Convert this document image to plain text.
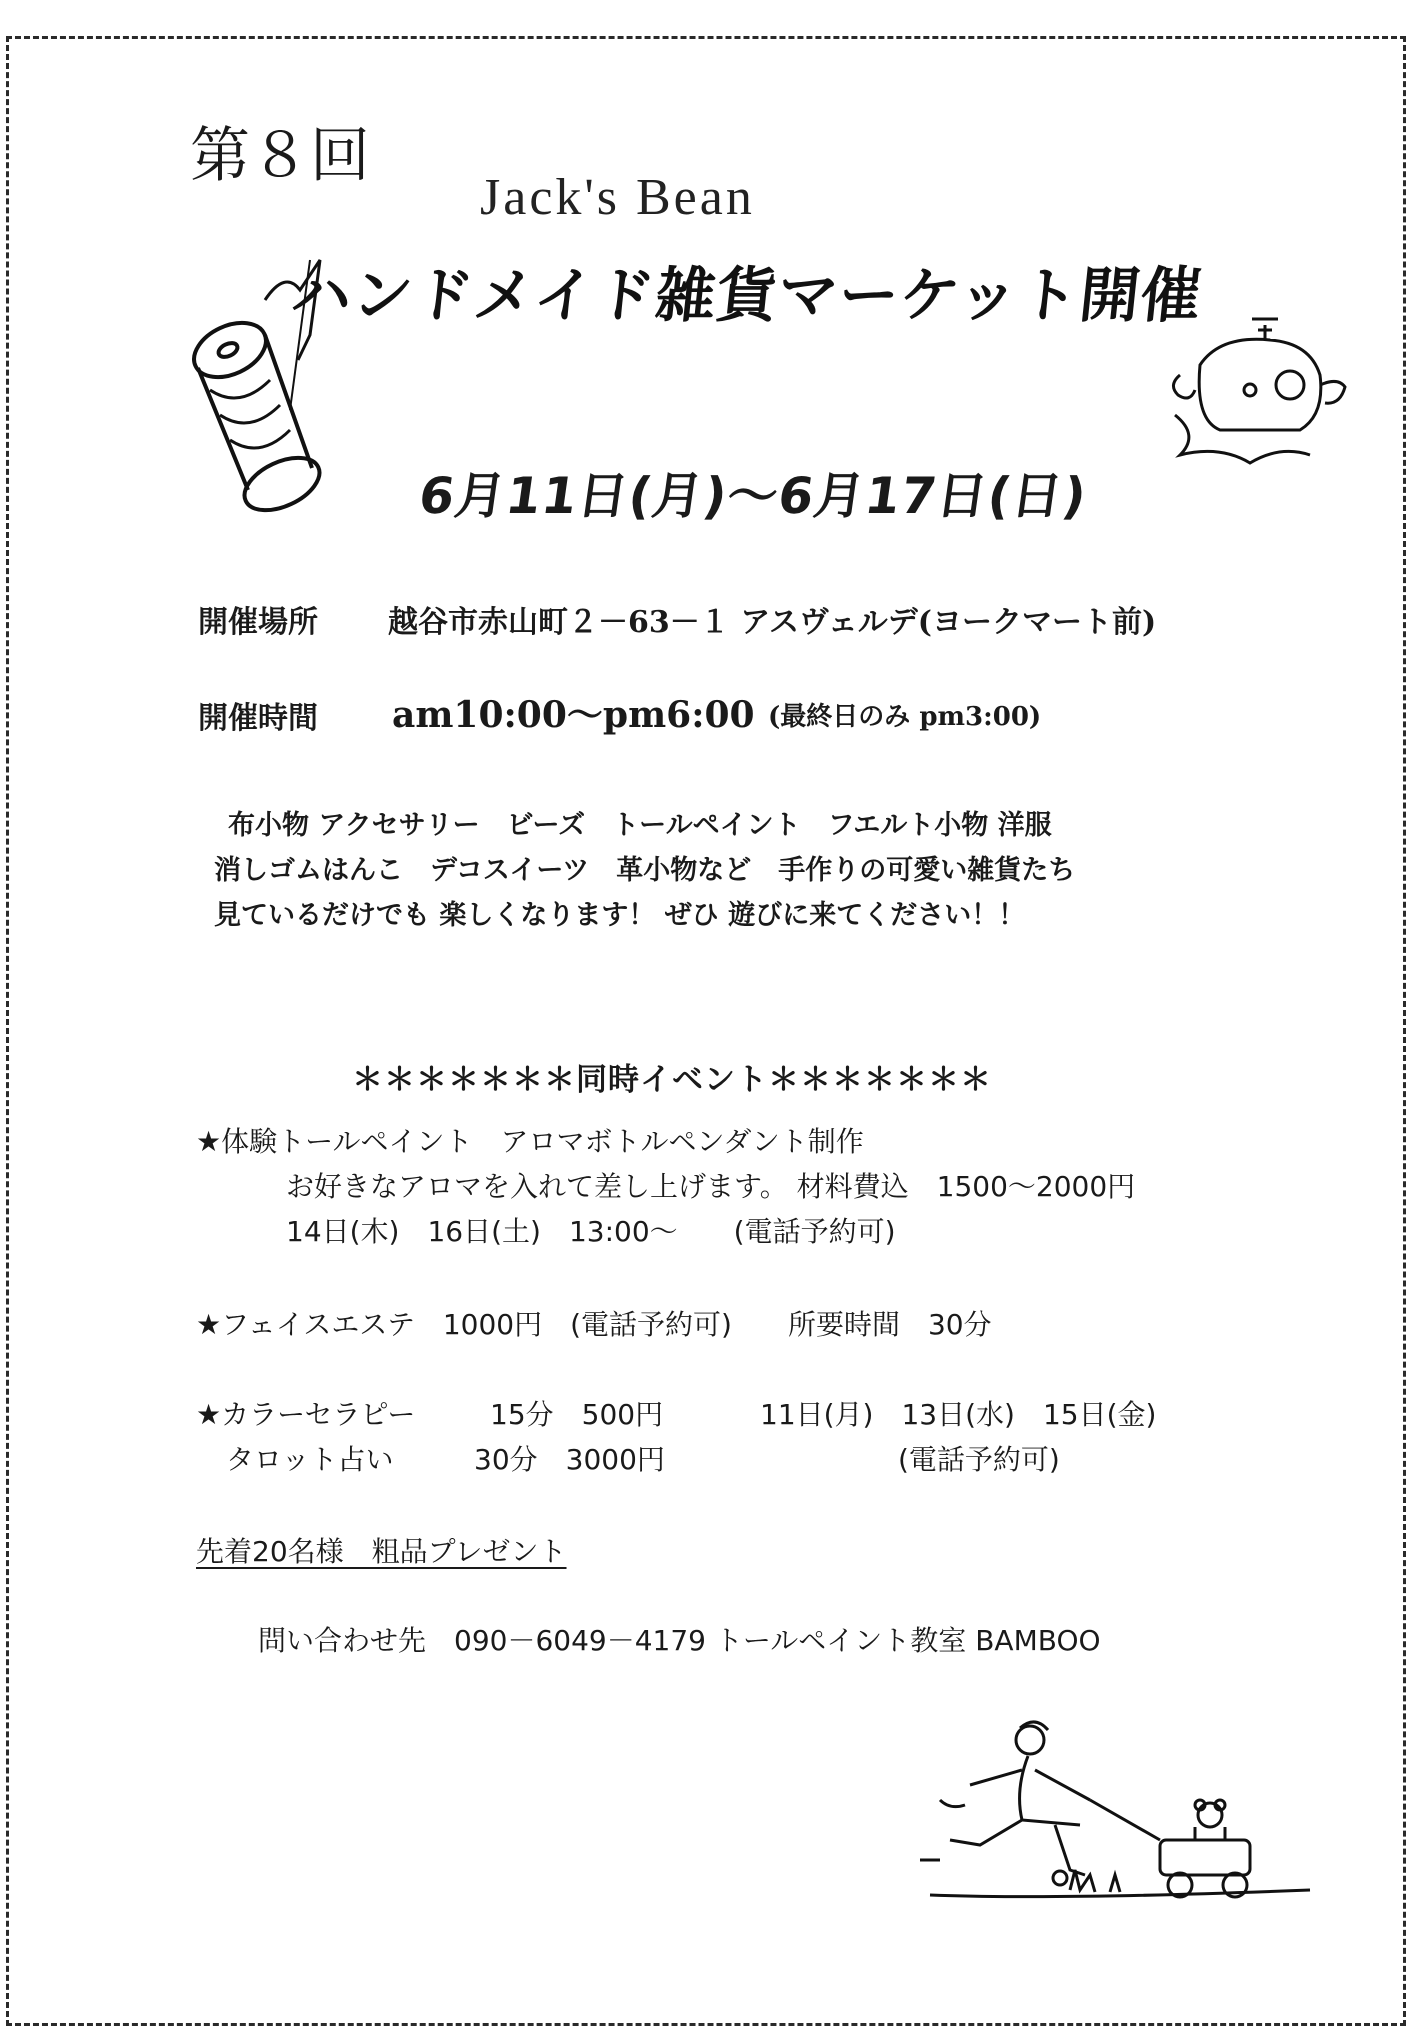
第８回
Jack's Bean
ハンドメイド雑貨マーケット開催
6月11日(月)～6月17日(日)
開催場所 越谷市赤山町２－63－１ アスヴェルデ(ヨークマート前)
開催時間 am10:00～pm6:00 (最終日のみ pm3:00)
布小物 アクセサリー　ビーズ　トールペイント　フエルト小物 洋服
消しゴムはんこ　デコスイーツ　革小物など　手作りの可愛い雑貨たち
見ているだけでも 楽しくなります！ ぜひ 遊びに来てください！！
＊＊＊＊＊＊＊同時イベント＊＊＊＊＊＊＊
★体験トールペイント　アロマボトルペンダント制作
お好きなアロマを入れて差し上げます。 材料費込　1500～2000円
14日(木)　16日(土)　13:00～　　(電話予約可)
★フェイスエステ　1000円　(電話予約可)　　所要時間　30分
★カラーセラピー	15分　500円	11日(月)　13日(水)　15日(金)
タロット占い	30分　3000円	(電話予約可)
先着20名様　粗品プレゼント
問い合わせ先　090－6049－4179 トールペイント教室 BAMBOO
